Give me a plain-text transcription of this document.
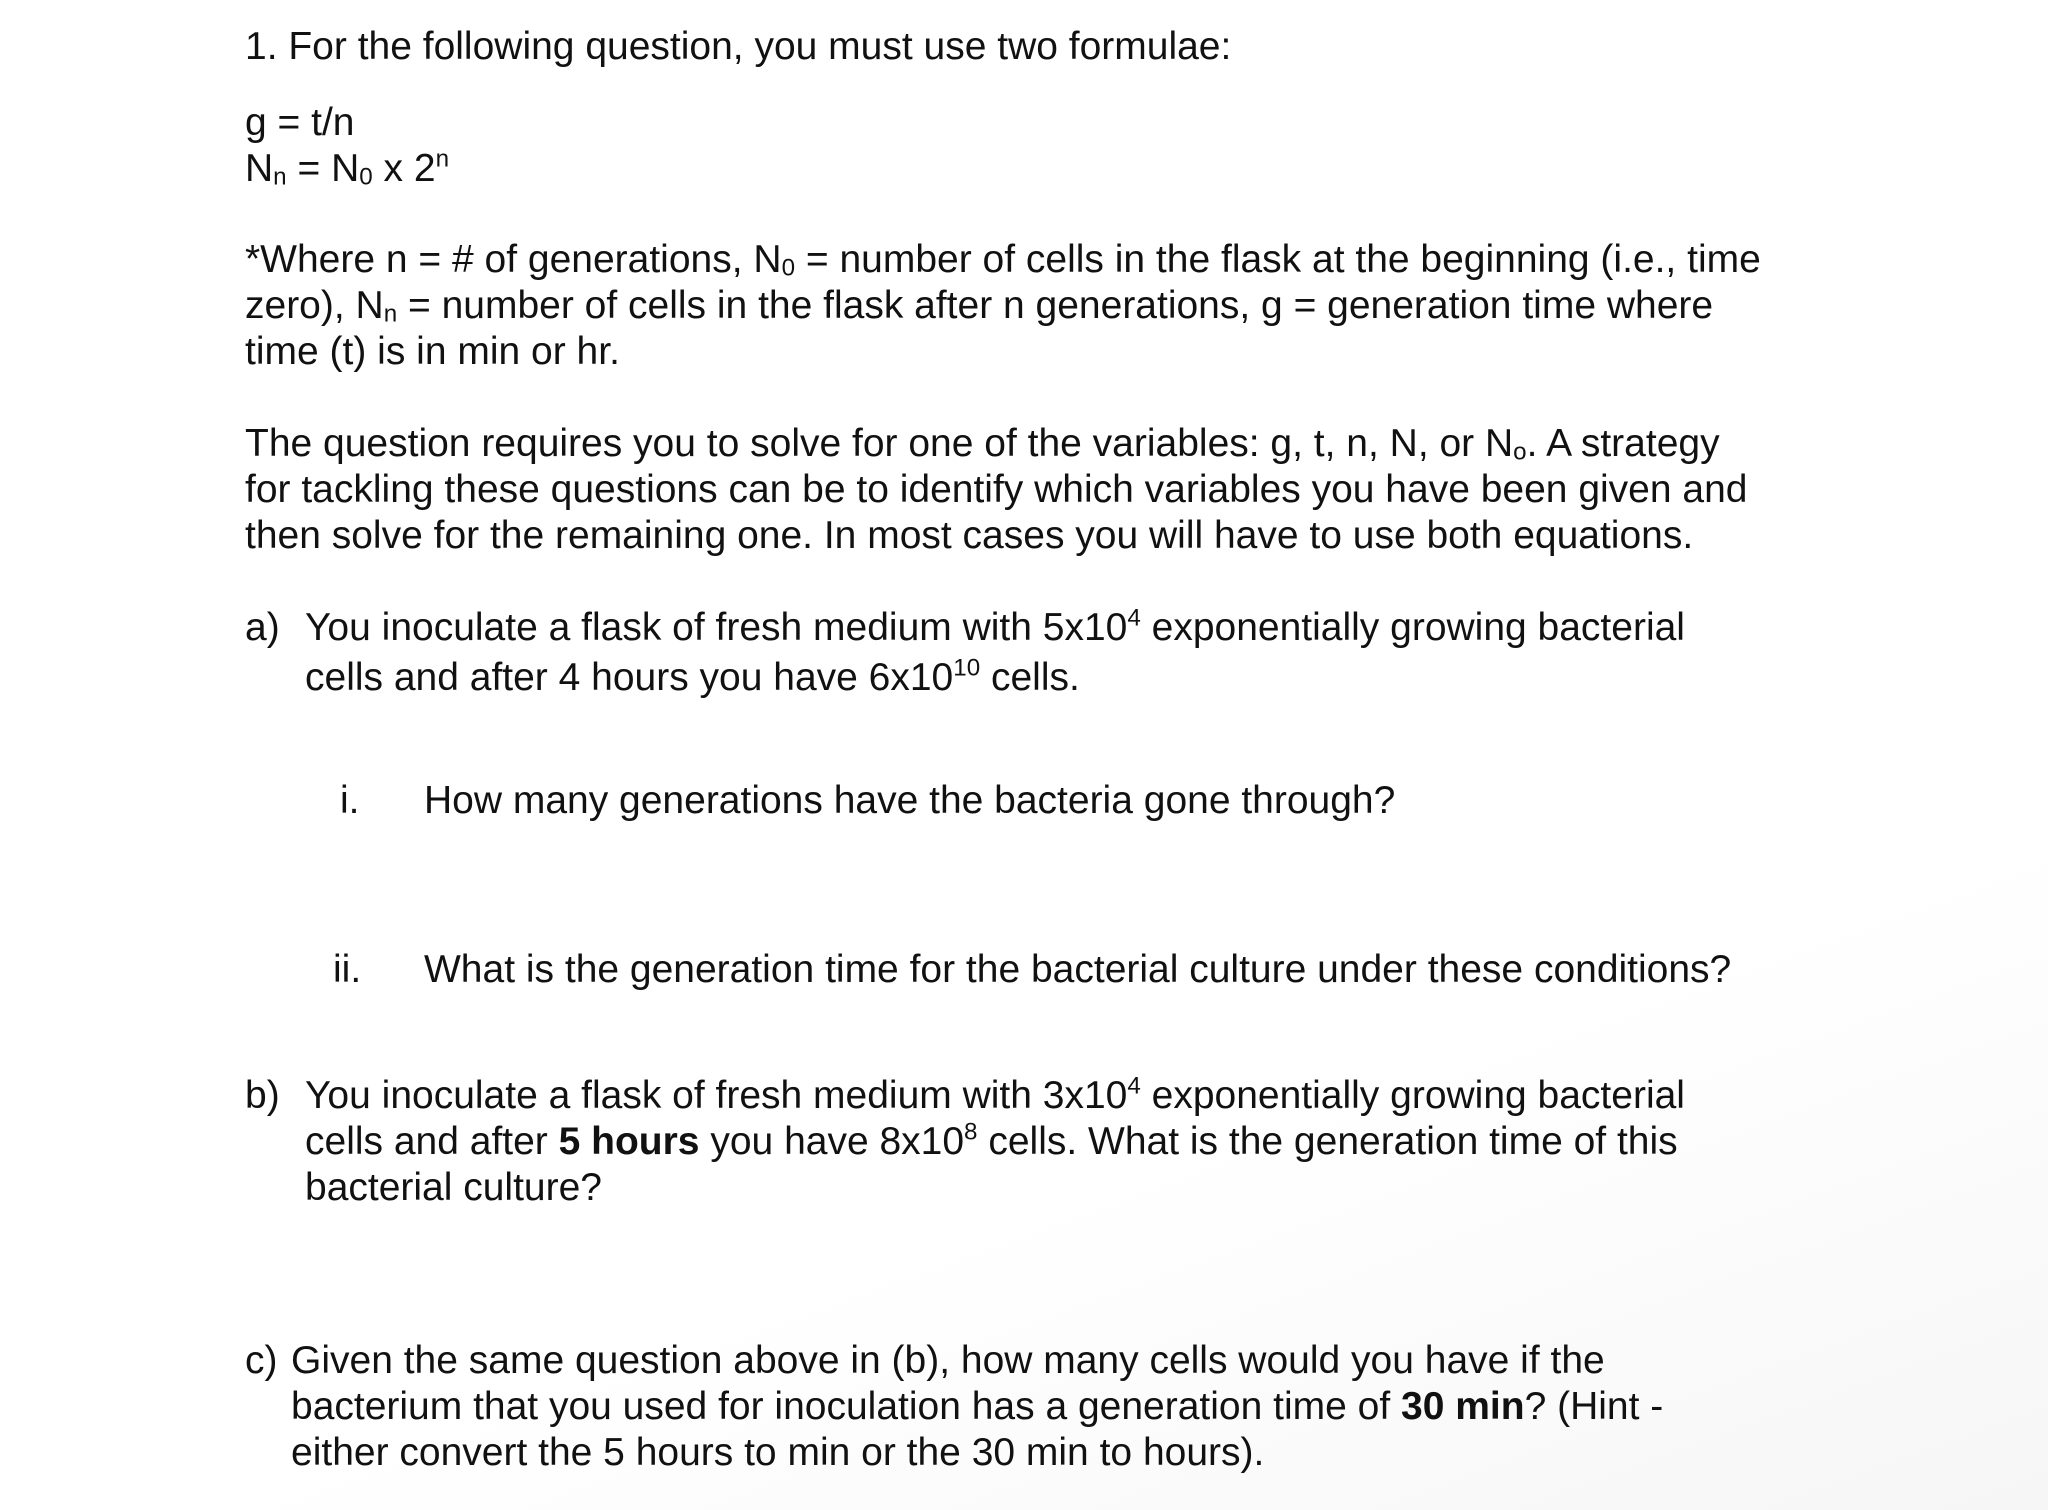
1. For the following question, you must use two formulae:
g = t/n
$N_n = N_0$ x 2$^n$
*Where n = # of generations, $N_0$ = number of cells in the flask at the beginning (i.e., time
zero), $N_n$ = number of cells in the flask after n generations, g = generation time where
time (t) is in min or hr.
The question requires you to solve for one of the variables: g, t, n, N, or $N_o$. A strategy
for tackling these questions can be to identify which variables you have been given and
then solve for the remaining one. In most cases you will have to use both equations.
a) You inoculate a flask of fresh medium with $5x10^4$ exponentially growing bacterial
cells and after 4 hours you have $6x10^{10}$ cells.
i. How many generations have the bacteria gone through?
ii. What is the generation time for the bacterial culture under these conditions?
b) You inoculate a flask of fresh medium with $3x10^4$ exponentially growing bacterial
cells and after 5 hours you have $8x10^8$ cells. What is the generation time of this
bacterial culture?
c) Given the same question above in (b), how many cells would you have if the
bacterium that you used for inoculation has a generation time of 30 min? (Hint -
either convert the 5 hours to min or the 30 min to hours).
